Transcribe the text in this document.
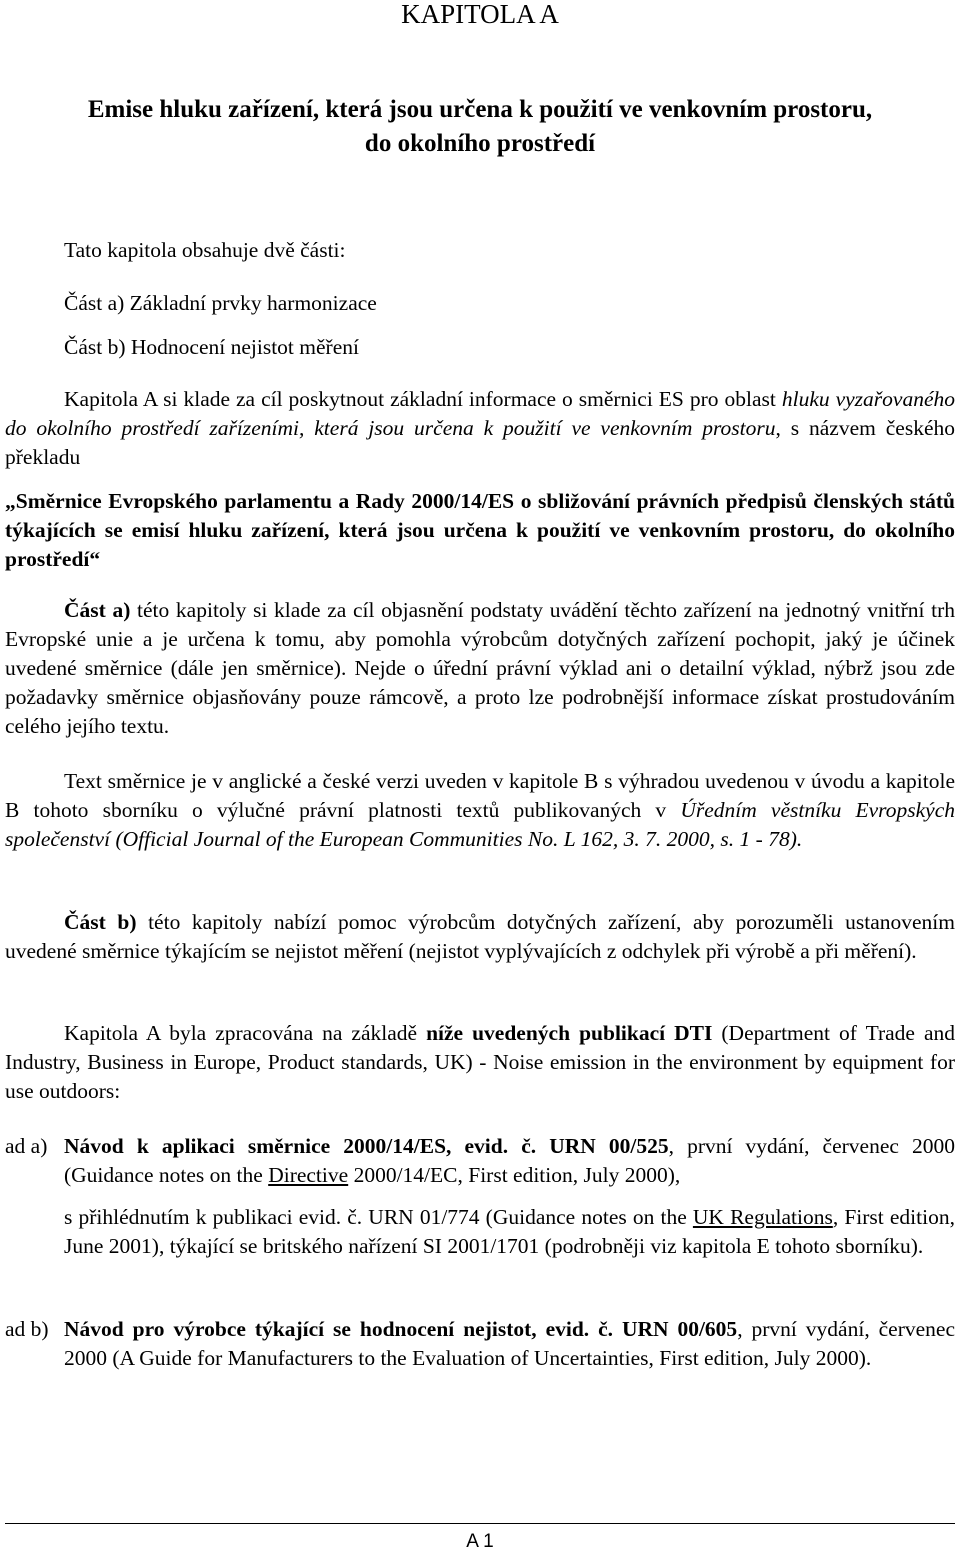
KAPITOLA A
Emise hluku zařízení, která jsou určena k použití ve venkovním prostoru,
do okolního prostředí
Tato kapitola obsahuje dvě části:
Část a) Základní prvky harmonizace
Část b) Hodnocení nejistot měření
Kapitola A si klade za cíl poskytnout základní informace o směrnici ES pro oblast hluku vyzařovaného do okolního prostředí zařízeními, která jsou určena k použití ve venkovním prostoru, s názvem českého překladu
„Směrnice Evropského parlamentu a Rady 2000/14/ES o sbližování právních předpisů členských států týkajících se emisí hluku zařízení, která jsou určena k použití ve venkovním prostoru, do okolního prostředí“
Část a) této kapitoly si klade za cíl objasnění podstaty uvádění těchto zařízení na jednotný vnitřní trh Evropské unie a je určena k tomu, aby pomohla výrobcům dotyčných zařízení pochopit, jaký je účinek uvedené směrnice (dále jen směrnice). Nejde o úřední právní výklad ani o detailní výklad, nýbrž jsou zde požadavky směrnice objasňovány pouze rámcově, a proto lze podrobnější informace získat prostudováním celého jejího textu.
Text směrnice je v anglické a české verzi uveden v kapitole B s výhradou uvedenou v úvodu a kapitole B tohoto sborníku o výlučné právní platnosti textů publikovaných v Úředním věstníku Evropských společenství (Official Journal of the European Communities No. L 162, 3. 7. 2000, s. 1 - 78).
Část b) této kapitoly nabízí pomoc výrobcům dotyčných zařízení, aby porozuměli ustanovením uvedené směrnice týkajícím se nejistot měření (nejistot vyplývajících z odchylek při výrobě a při měření).
Kapitola A byla zpracována na základě níže uvedených publikací DTI (Department of Trade and Industry, Business in Europe, Product standards, UK) - Noise emission in the environment by equipment for use outdoors:
ad a) Návod k aplikaci směrnice 2000/14/ES, evid. č. URN 00/525, první vydání, červenec 2000 (Guidance notes on the Directive 2000/14/EC, First edition, July 2000),
s přihlédnutím k publikaci evid. č. URN 01/774 (Guidance notes on the UK Regulations, First edition, June 2001), týkající se britského nařízení SI 2001/1701 (podrobněji viz kapitola E tohoto sborníku).
ad b) Návod pro výrobce týkající se hodnocení nejistot, evid. č. URN 00/605, první vydání, červenec 2000 (A Guide for Manufacturers to the Evaluation of Uncertainties, First edition, July 2000).
A 1
